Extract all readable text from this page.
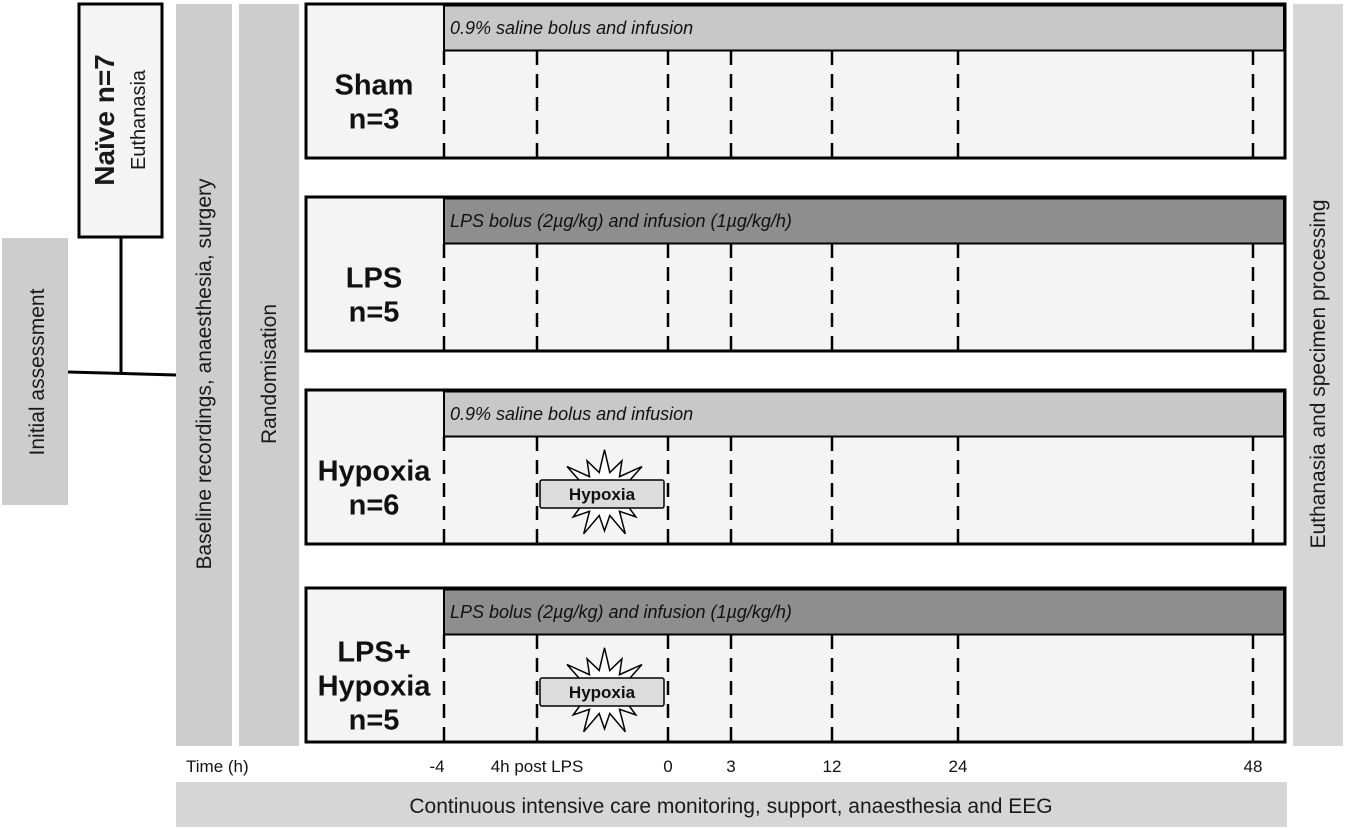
Initial assessment
Naïve n=7 Euthanasia
Baseline recordings, anaesthesia, surgery Randomisation	Euthanasia and specimen processing
0.9% saline bolus and infusion
Sham
n=3
LPS bolus (2µg/kg) and infusion (1µg/kg/h)
LPS
n=5
0.9% saline bolus and infusion
Hypoxia
n=6	Hypoxia
LPS bolus (2µg/kg) and infusion (1µg/kg/h)
LPS+
Hypoxia
n=5
Hypoxia
Time (h)	-4	4h post LPS	0	3	12	24	48
Continuous intensive care monitoring, support, anaesthesia and EEG
